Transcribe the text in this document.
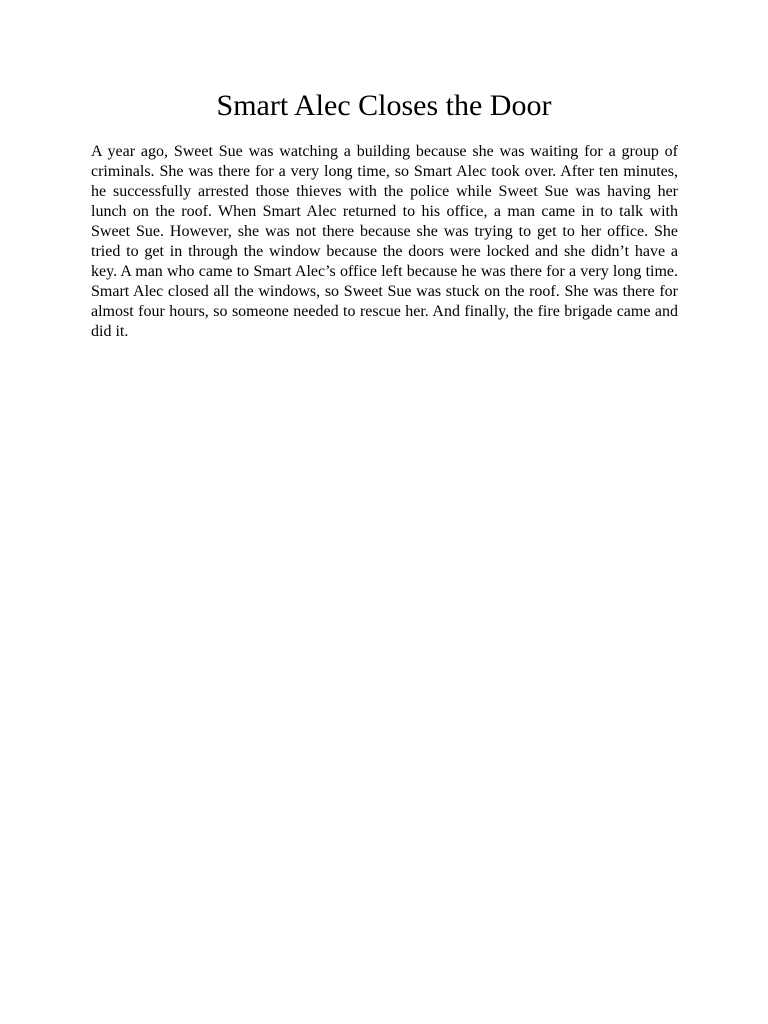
Smart Alec Closes the Door

A year ago, Sweet Sue was watching a building because she was waiting for a group of criminals. She was there for a very long time, so Smart Alec took over. After ten minutes, he successfully arrested those thieves with the police while Sweet Sue was having her lunch on the roof. When Smart Alec returned to his office, a man came in to talk with Sweet Sue. However, she was not there because she was trying to get to her office. She tried to get in through the window because the doors were locked and she didn’t have a key. A man who came to Smart Alec’s office left because he was there for a very long time. Smart Alec closed all the windows, so Sweet Sue was stuck on the roof. She was there for almost four hours, so someone needed to rescue her. And finally, the fire brigade came and did it.
